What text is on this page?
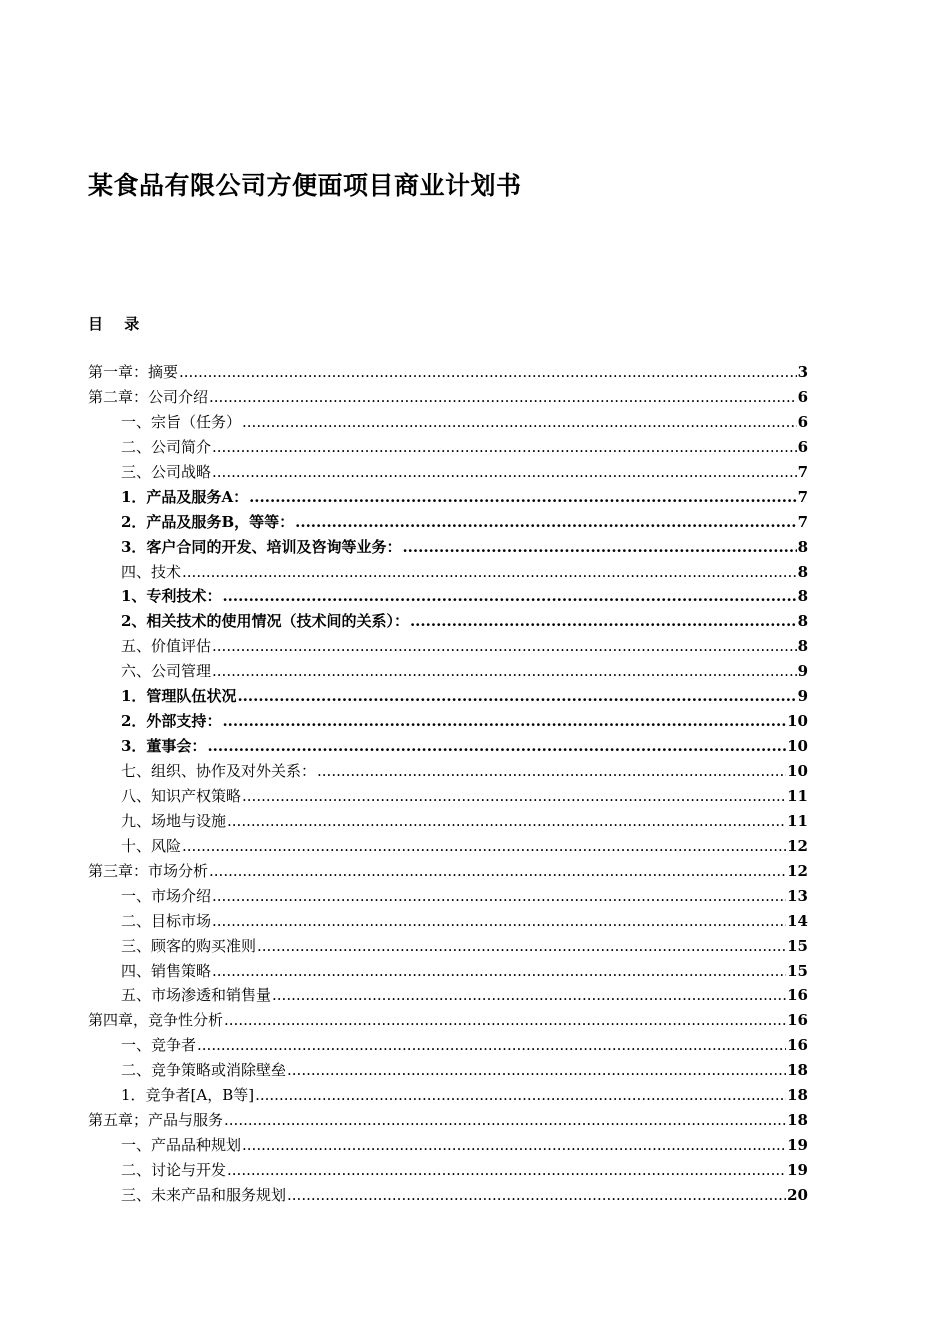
某食品有限公司方便面项目商业计划书
目 录
第一章：摘要 .....	3
第二章：公司介绍 .....	6
一、宗旨（任务） .....	6
二、公司简介 .....	6
三、公司战略 .....	7
1．产品及服务A： .....	7
2．产品及服务B，等等： .....	7
3．客户合同的开发、培训及咨询等业务： .....	8
四、技术 .....	8
1、专利技术： .....	8
2、相关技术的使用情况（技术间的关系）： .....	8
五、价值评估 .....	8
六、公司管理 .....	9
1．管理队伍状况 .....	9
2．外部支持： .....	10
3．董事会： .....	10
七、组织、协作及对外关系： .....	10
八、知识产权策略 .....	11
九、场地与设施 .....	11
十、风险 .....	12
第三章：市场分析 .....	12
一、市场介绍 .....	13
二、目标市场 .....	14
三、顾客的购买准则 .....	15
四、销售策略 .....	15
五、市场渗透和销售量 .....	16
第四章，竞争性分析 .....	16
一、竞争者 .....	16
二、竞争策略或消除壁垒 .....	18
1．竞争者[A，B等] .....	18
第五章；产品与服务 .....	18
一、产品品种规划 .....	19
二、讨论与开发 .....	19
三、未来产品和服务规划 .....	20
